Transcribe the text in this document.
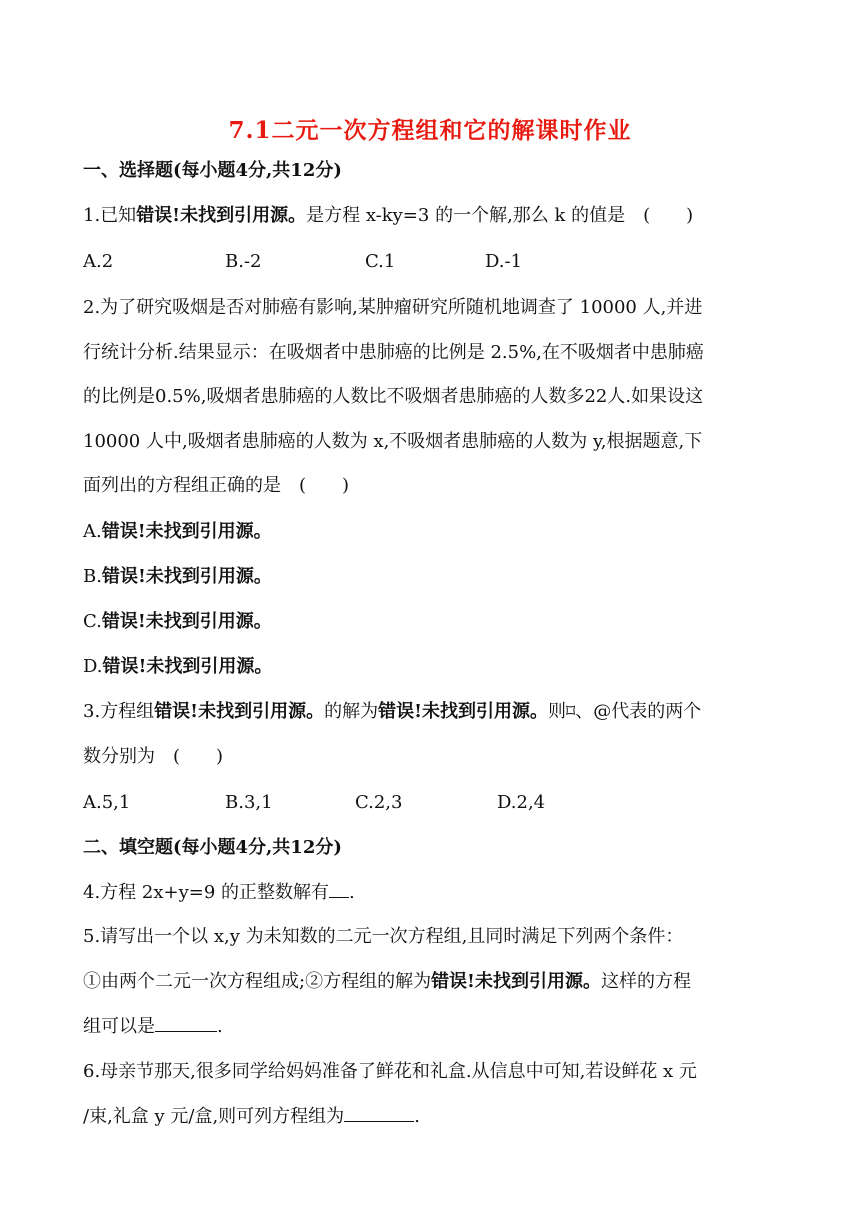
7.1二元一次方程组和它的解课时作业
一、选择题(每小题4分,共12分)
1.已知错误!未找到引用源。是方程 x-ky=3 的一个解,那么 k 的值是　(　　)
A.2	B.-2	C.1	D.-1
2.为了研究吸烟是否对肺癌有影响,某肿瘤研究所随机地调查了 10000 人,并进
行统计分析.结果显示：在吸烟者中患肺癌的比例是 2.5%,在不吸烟者中患肺癌
的比例是0.5%,吸烟者患肺癌的人数比不吸烟者患肺癌的人数多22人.如果设这
10000 人中,吸烟者患肺癌的人数为 x,不吸烟者患肺癌的人数为 y,根据题意,下
面列出的方程组正确的是　(　　)
A.错误!未找到引用源。
B.错误!未找到引用源。
C.错误!未找到引用源。
D.错误!未找到引用源。
3.方程组错误!未找到引用源。的解为错误!未找到引用源。则⌑、@代表的两个
数分别为　(　　)
A.5,1	B.3,1	C.2,3	D.2,4
二、填空题(每小题4分,共12分)
4.方程 2x+y=9 的正整数解有 .
5.请写出一个以 x,y 为未知数的二元一次方程组,且同时满足下列两个条件：
①由两个二元一次方程组成;②方程组的解为错误!未找到引用源。这样的方程
组可以是	.
6.母亲节那天,很多同学给妈妈准备了鲜花和礼盒.从信息中可知,若设鲜花 x 元
/束,礼盒 y 元/盒,则可列方程组为	.
